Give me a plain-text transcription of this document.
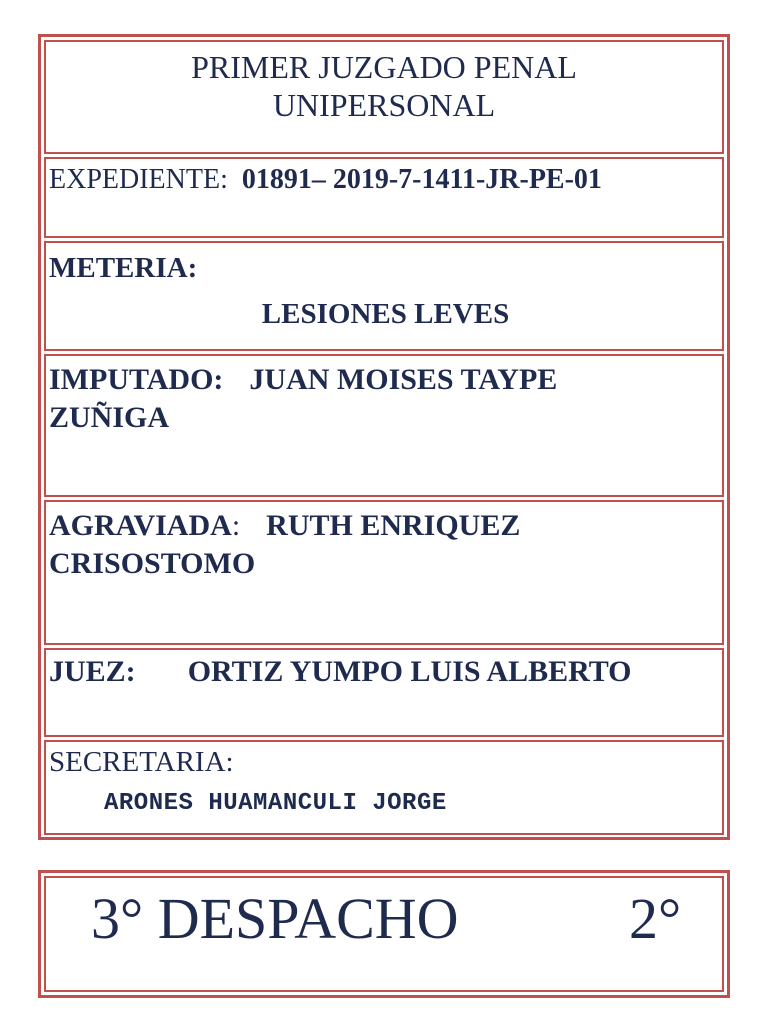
PRIMER JUZGADO PENAL
UNIPERSONAL
EXPEDIENTE: 01891– 2019-7-1411-JR-PE-01
METERIA:
LESIONES LEVES
IMPUTADO: JUAN MOISES TAYPE
ZUÑIGA
AGRAVIADA: RUTH ENRIQUEZ
CRISOSTOMO
JUEZ: ORTIZ YUMPO LUIS ALBERTO
SECRETARIA:
ARONES HUAMANCULI JORGE
3° DESPACHO	2°
